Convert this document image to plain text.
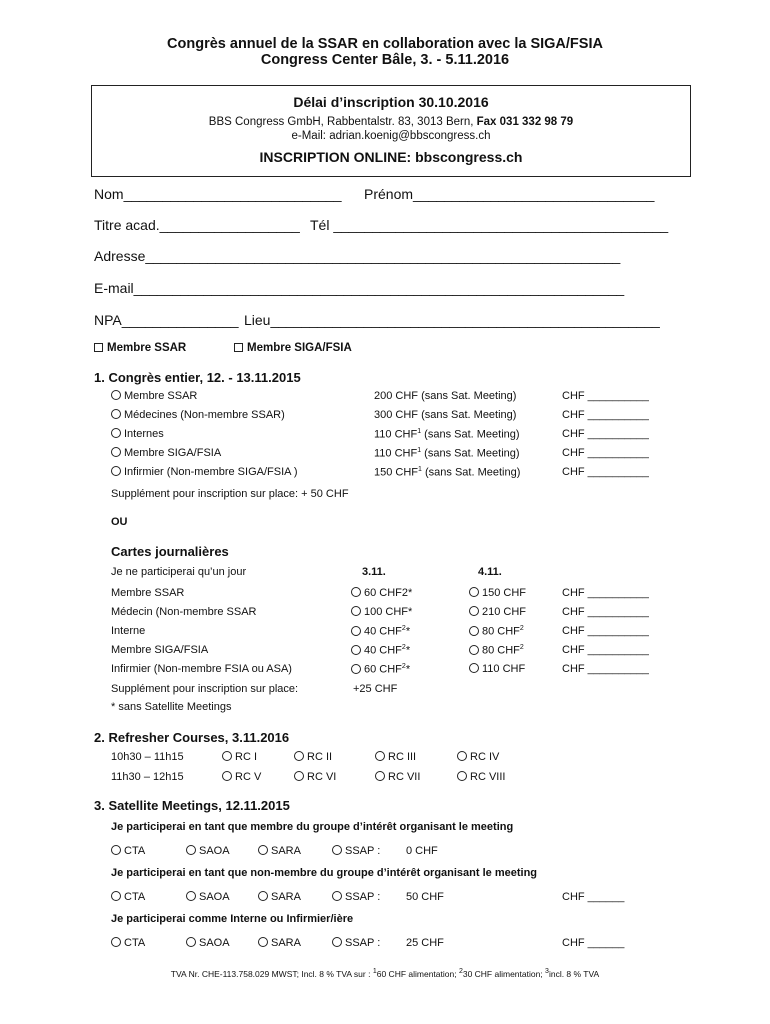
Congrès annuel de la SSAR en collaboration avec la SIGA/FSIA
Congress Center Bâle, 3. - 5.11.2016
Délai d’inscription 30.10.2016
BBS Congress GmbH, Rabbentalstr. 83, 3013 Bern, Fax 031 332 98 79
e-Mail: adrian.koenig@bbscongress.ch
INSCRIPTION ONLINE: bbscongress.ch
Nom____________________________ Prénom_______________________________
Titre acad.__________________ Tél ___________________________________________
Adresse_____________________________________________________________
E-mail_______________________________________________________________
NPA_______________ Lieu__________________________________________________
Membre SSAR	Membre SIGA/FSIA
1. Congrès entier, 12. - 13.11.2015
Membre SSAR	200 CHF (sans Sat. Meeting)	CHF __________
Médecines (Non-membre SSAR)	300 CHF (sans Sat. Meeting)	CHF __________
Internes	110 CHF$^1$ (sans Sat. Meeting)	CHF __________
Membre SIGA/FSIA	110 CHF$^1$ (sans Sat. Meeting)	CHF __________
Infirmier (Non-membre SIGA/FSIA )	150 CHF$^1$ (sans Sat. Meeting)	CHF __________
Supplément pour inscription sur place: + 50 CHF
OU
Cartes journalières
Je ne participerai qu’un jour	3.11.	4.11.
Membre SSAR	60 CHF2*	150 CHF	CHF __________
Médecin (Non-membre SSAR	100 CHF*	210 CHF	CHF __________
Interne	40 CHF$^2$*	80 CHF$^2$	CHF __________
Membre SIGA/FSIA	40 CHF$^2$*	80 CHF$^2$	CHF __________
Infirmier (Non-membre FSIA ou ASA)	60 CHF$^2$*	110 CHF	CHF __________
Supplément pour inscription sur place:	+25 CHF
* sans Satellite Meetings
2. Refresher Courses, 3.11.2016
10h30 – 11h15	RC I	RC II	RC III	RC IV
11h30 – 12h15	RC V	RC VI	RC VII	RC VIII
3. Satellite Meetings, 12.11.2015
Je participerai en tant que membre du groupe d’intérêt organisant le meeting
CTA	SAOA	SARA	SSAP : 0 CHF
Je participerai en tant que non-membre du groupe d’intérêt organisant le meeting
CTA	SAOA	SARA	SSAP : 50 CHF	CHF ______
Je participerai comme Interne ou Infirmier/ière
CTA	SAOA	SARA	SSAP : 25 CHF	CHF ______
TVA Nr. CHE-113.758.029 MWST; Incl. 8 % TVA sur : $^1$60 CHF alimentation; $^2$30 CHF alimentation; $^3$incl. 8 % TVA
